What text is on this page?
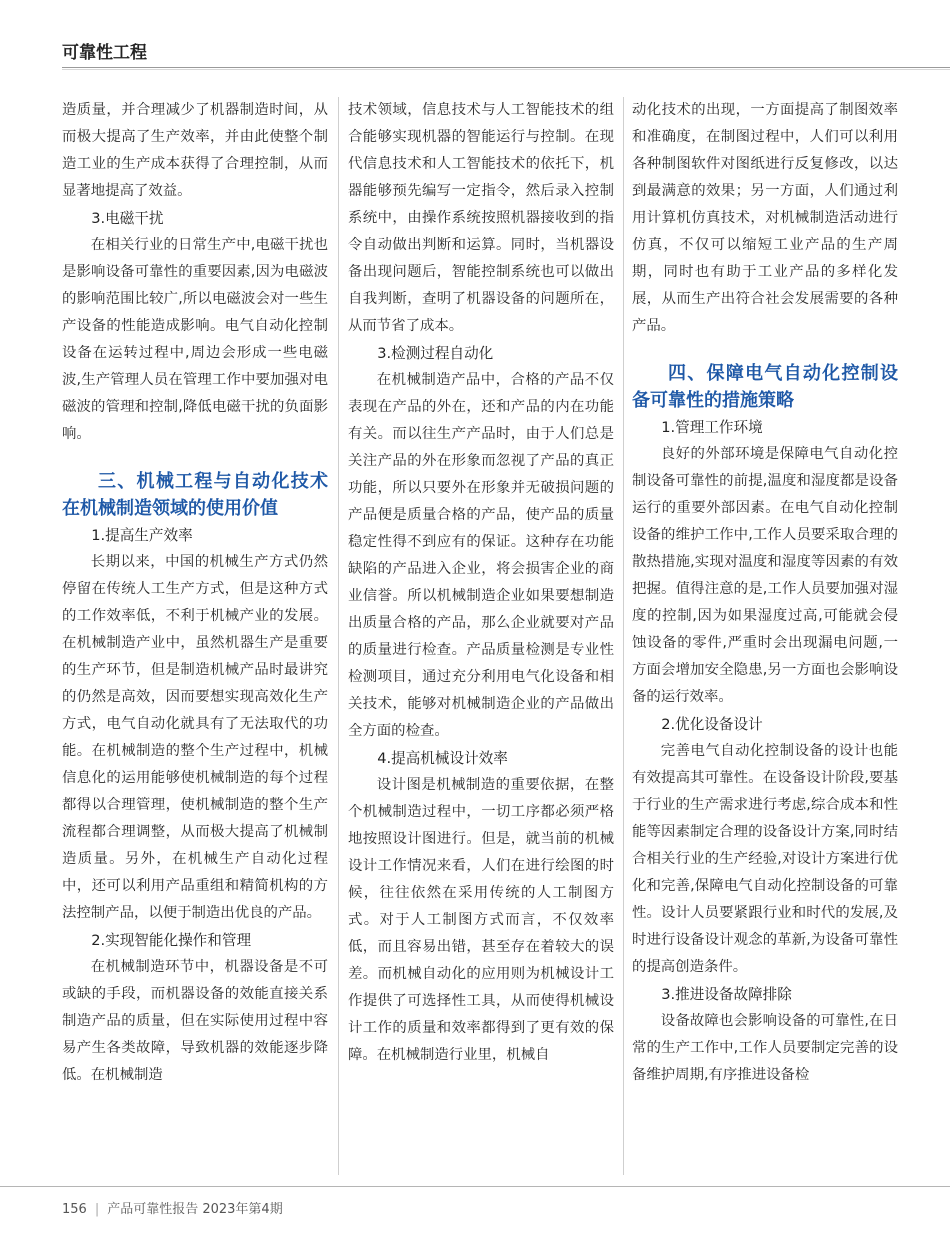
可靠性工程

造质量，并合理减少了机器制造时间，从而极大提高了生产效率，并由此使整个制造工业的生产成本获得了合理控制，从而显著地提高了效益。

3.电磁干扰

在相关行业的日常生产中,电磁干扰也是影响设备可靠性的重要因素,因为电磁波的影响范围比较广,所以电磁波会对一些生产设备的性能造成影响。电气自动化控制设备在运转过程中,周边会形成一些电磁波,生产管理人员在管理工作中要加强对电磁波的管理和控制,降低电磁干扰的负面影响。

三、机械工程与自动化技术在机械制造领域的使用价值
1.提高生产效率

长期以来，中国的机械生产方式仍然停留在传统人工生产方式，但是这种方式的工作效率低，不利于机械产业的发展。在机械制造产业中，虽然机器生产是重要的生产环节，但是制造机械产品时最讲究的仍然是高效，因而要想实现高效化生产方式，电气自动化就具有了无法取代的功能。在机械制造的整个生产过程中，机械信息化的运用能够使机械制造的每个过程都得以合理管理，使机械制造的整个生产流程都合理调整，从而极大提高了机械制造质量。另外，在机械生产自动化过程中，还可以利用产品重组和精简机构的方法控制产品，以便于制造出优良的产品。

2.实现智能化操作和管理

在机械制造环节中，机器设备是不可或缺的手段，而机器设备的效能直接关系制造产品的质量，但在实际使用过程中容易产生各类故障，导致机器的效能逐步降低。在机械制造

技术领域，信息技术与人工智能技术的组合能够实现机器的智能运行与控制。在现代信息技术和人工智能技术的依托下，机器能够预先编写一定指令，然后录入控制系统中，由操作系统按照机器接收到的指令自动做出判断和运算。同时，当机器设备出现问题后，智能控制系统也可以做出自我判断，查明了机器设备的问题所在，从而节省了成本。

3.检测过程自动化

在机械制造产品中，合格的产品不仅表现在产品的外在，还和产品的内在功能有关。而以往生产产品时，由于人们总是关注产品的外在形象而忽视了产品的真正功能，所以只要外在形象并无破损问题的产品便是质量合格的产品，使产品的质量稳定性得不到应有的保证。这种存在功能缺陷的产品进入企业，将会损害企业的商业信誉。所以机械制造企业如果要想制造出质量合格的产品，那么企业就要对产品的质量进行检查。产品质量检测是专业性检测项目，通过充分利用电气化设备和相关技术，能够对机械制造企业的产品做出全方面的检查。

4.提高机械设计效率

设计图是机械制造的重要依据，在整个机械制造过程中，一切工序都必须严格地按照设计图进行。但是，就当前的机械设计工作情况来看，人们在进行绘图的时候，往往依然在采用传统的人工制图方式。对于人工制图方式而言，不仅效率低，而且容易出错，甚至存在着较大的误差。而机械自动化的应用则为机械设计工作提供了可选择性工具，从而使得机械设计工作的质量和效率都得到了更有效的保障。在机械制造行业里，机械自

动化技术的出现，一方面提高了制图效率和准确度，在制图过程中，人们可以利用各种制图软件对图纸进行反复修改，以达到最满意的效果；另一方面，人们通过利用计算机仿真技术，对机械制造活动进行仿真，不仅可以缩短工业产品的生产周期，同时也有助于工业产品的多样化发展，从而生产出符合社会发展需要的各种产品。

四、保障电气自动化控制设备可靠性的措施策略
1.管理工作环境

良好的外部环境是保障电气自动化控制设备可靠性的前提,温度和湿度都是设备运行的重要外部因素。在电气自动化控制设备的维护工作中,工作人员要采取合理的散热措施,实现对温度和湿度等因素的有效把握。值得注意的是,工作人员要加强对湿度的控制,因为如果湿度过高,可能就会侵蚀设备的零件,严重时会出现漏电问题,一方面会增加安全隐患,另一方面也会影响设备的运行效率。

2.优化设备设计

完善电气自动化控制设备的设计也能有效提高其可靠性。在设备设计阶段,要基于行业的生产需求进行考虑,综合成本和性能等因素制定合理的设备设计方案,同时结合相关行业的生产经验,对设计方案进行优化和完善,保障电气自动化控制设备的可靠性。设计人员要紧跟行业和时代的发展,及时进行设备设计观念的革新,为设备可靠性的提高创造条件。

3.推进设备故障排除

设备故障也会影响设备的可靠性,在日常的生产工作中,工作人员要制定完善的设备维护周期,有序推进设备检

156 | 产品可靠性报告 2023年第4期
